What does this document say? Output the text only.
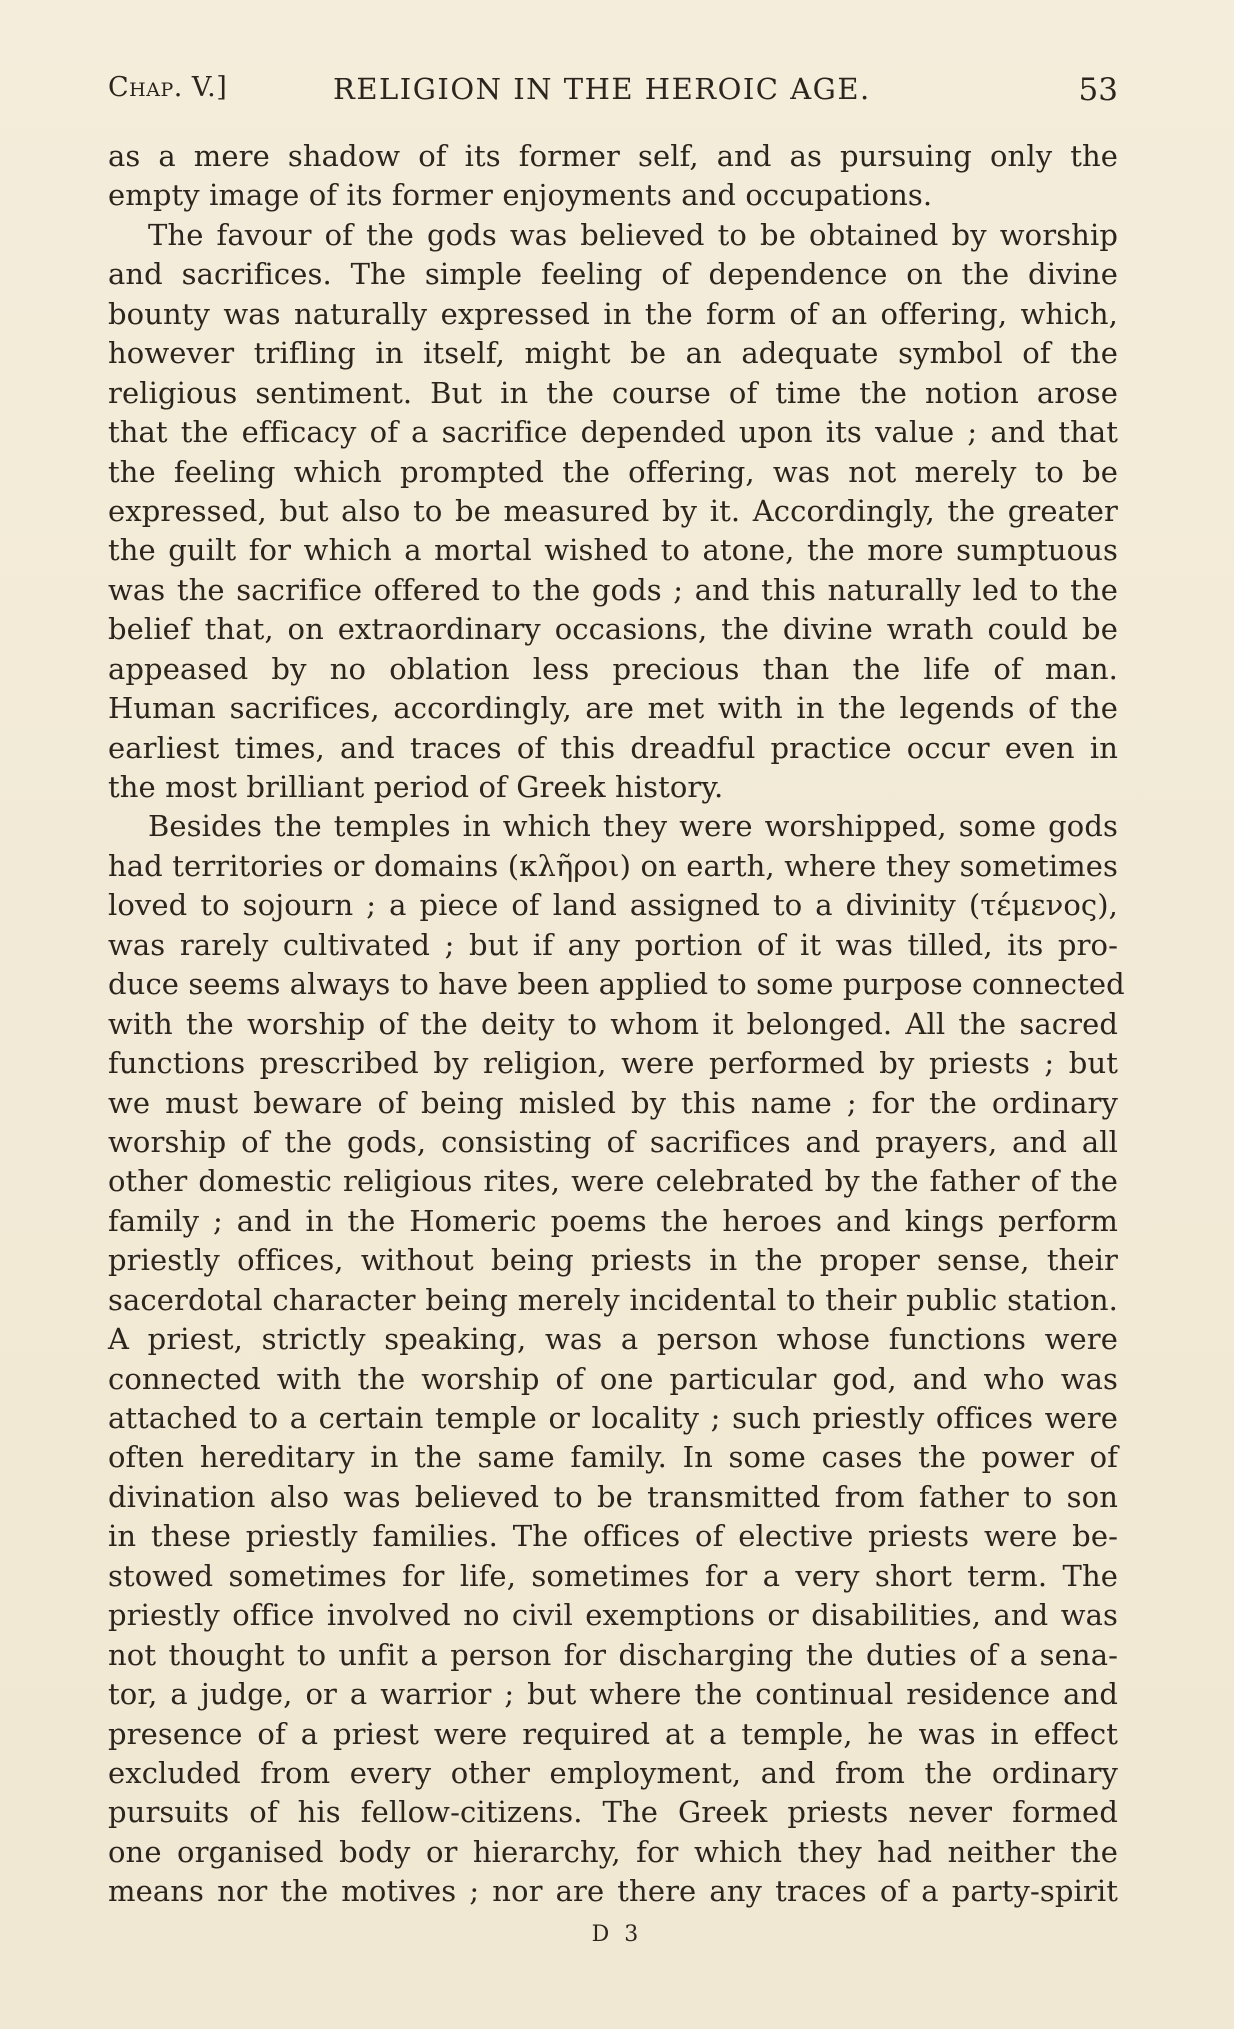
Chap. V.]	RELIGION IN THE HEROIC AGE.	53
as a mere shadow of its former self, and as pursuing only the
empty image of its former enjoyments and occupations.
The favour of the gods was believed to be obtained by worship
and sacrifices. The simple feeling of dependence on the divine
bounty was naturally expressed in the form of an offering, which,
however trifling in itself, might be an adequate symbol of the
religious sentiment. But in the course of time the notion arose
that the efficacy of a sacrifice depended upon its value ; and that
the feeling which prompted the offering, was not merely to be
expressed, but also to be measured by it. Accordingly, the greater
the guilt for which a mortal wished to atone, the more sumptuous
was the sacrifice offered to the gods ; and this naturally led to the
belief that, on extraordinary occasions, the divine wrath could be
appeased by no oblation less precious than the life of man.
Human sacrifices, accordingly, are met with in the legends of the
earliest times, and traces of this dreadful practice occur even in
the most brilliant period of Greek history.
Besides the temples in which they were worshipped, some gods
had territories or domains (κλῆροι) on earth, where they sometimes
loved to sojourn ; a piece of land assigned to a divinity (τέμενος),
was rarely cultivated ; but if any portion of it was tilled, its pro-
duce seems always to have been applied to some purpose connected
with the worship of the deity to whom it belonged. All the sacred
functions prescribed by religion, were performed by priests ; but
we must beware of being misled by this name ; for the ordinary
worship of the gods, consisting of sacrifices and prayers, and all
other domestic religious rites, were celebrated by the father of the
family ; and in the Homeric poems the heroes and kings perform
priestly offices, without being priests in the proper sense, their
sacerdotal character being merely incidental to their public station.
A priest, strictly speaking, was a person whose functions were
connected with the worship of one particular god, and who was
attached to a certain temple or locality ; such priestly offices were
often hereditary in the same family. In some cases the power of
divination also was believed to be transmitted from father to son
in these priestly families. The offices of elective priests were be-
stowed sometimes for life, sometimes for a very short term. The
priestly office involved no civil exemptions or disabilities, and was
not thought to unfit a person for discharging the duties of a sena-
tor, a judge, or a warrior ; but where the continual residence and
presence of a priest were required at a temple, he was in effect
excluded from every other employment, and from the ordinary
pursuits of his fellow-citizens. The Greek priests never formed
one organised body or hierarchy, for which they had neither the
means nor the motives ; nor are there any traces of a party-spirit
D 3
